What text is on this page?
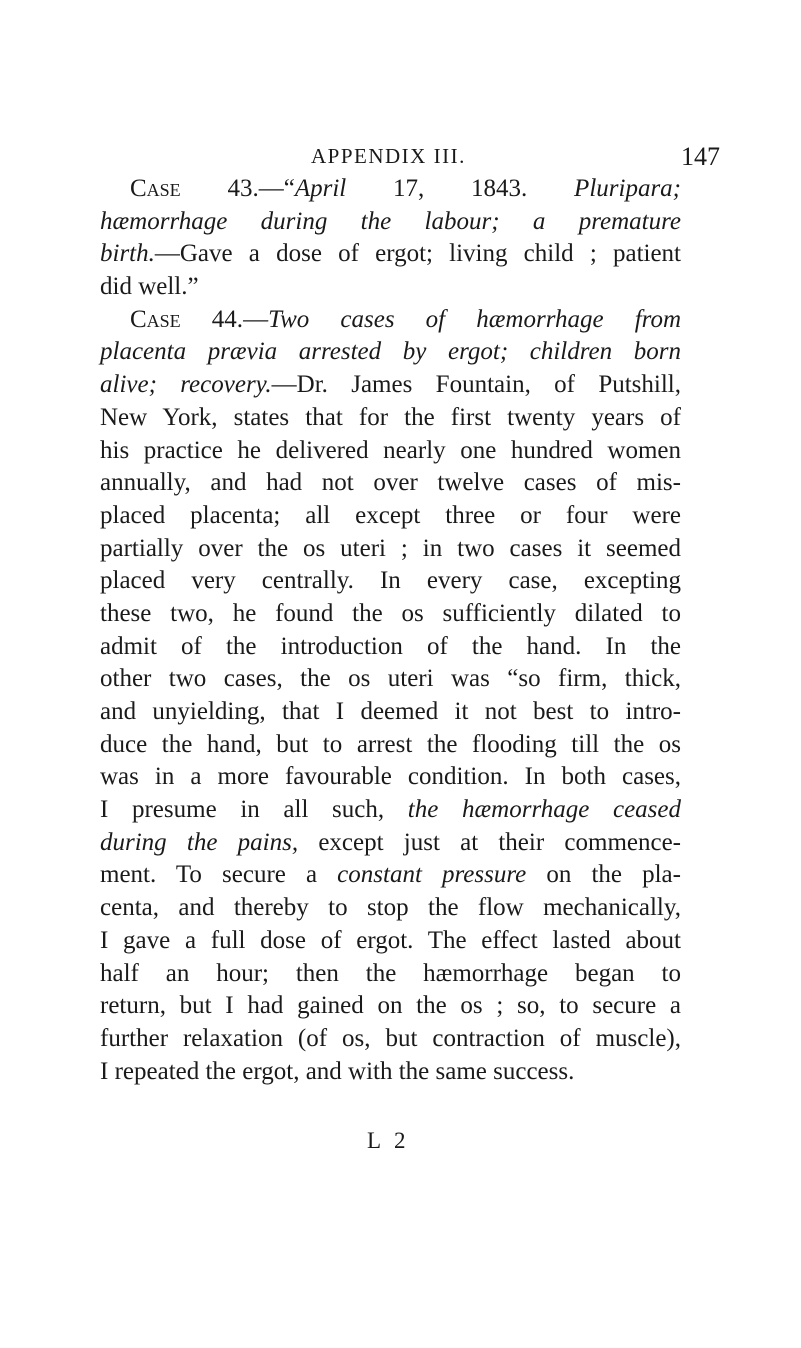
APPENDIX III.	147
Case 43.—“April 17, 1843. Pluripara;
hæmorrhage during the labour; a premature
birth.—Gave a dose of ergot; living child ; patient
did well.”
Case 44.—Two cases of hæmorrhage from
placenta prævia arrested by ergot; children born
alive; recovery.—Dr. James Fountain, of Putshill,
New York, states that for the first twenty years of
his practice he delivered nearly one hundred women
annually, and had not over twelve cases of mis-
placed placenta; all except three or four were
partially over the os uteri ; in two cases it seemed
placed very centrally. In every case, excepting
these two, he found the os sufficiently dilated to
admit of the introduction of the hand. In the
other two cases, the os uteri was “so firm, thick,
and unyielding, that I deemed it not best to intro-
duce the hand, but to arrest the flooding till the os
was in a more favourable condition. In both cases,
I presume in all such, the hæmorrhage ceased
during the pains, except just at their commence-
ment. To secure a constant pressure on the pla-
centa, and thereby to stop the flow mechanically,
I gave a full dose of ergot. The effect lasted about
half an hour; then the hæmorrhage began to
return, but I had gained on the os ; so, to secure a
further relaxation (of os, but contraction of muscle),
I repeated the ergot, and with the same success.
L 2
